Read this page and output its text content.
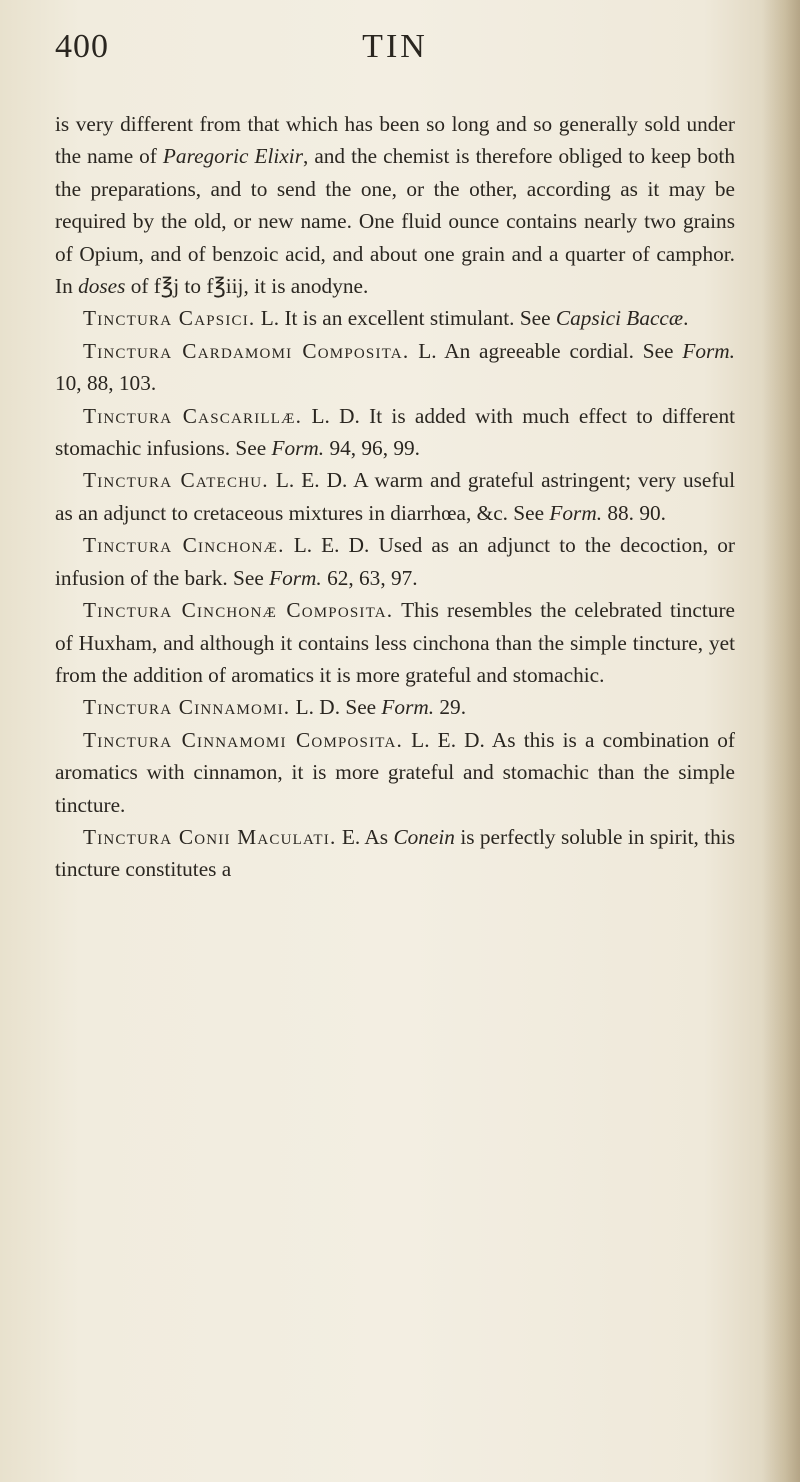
400	TIN

is very different from that which has been so long and so generally sold under the name of Paregoric Elixir, and the chemist is therefore obliged to keep both the preparations, and to send the one, or the other, according as it may be required by the old, or new name. One fluid ounce contains nearly two grains of Opium, and of benzoic acid, and about one grain and a quarter of camphor. In doses of f℥j to f℥iij, it is anodyne.

Tinctura Capsici. L. It is an excellent stimulant. See Capsici Baccæ.

Tinctura Cardamomi Composita. L. An agreeable cordial. See Form. 10, 88, 103.

Tinctura Cascarillæ. L. D. It is added with much effect to different stomachic infusions. See Form. 94, 96, 99.

Tinctura Catechu. L. E. D. A warm and grateful astringent; very useful as an adjunct to cretaceous mixtures in diarrhœa, &c. See Form. 88. 90.

Tinctura Cinchonæ. L. E. D. Used as an adjunct to the decoction, or infusion of the bark. See Form. 62, 63, 97.

Tinctura Cinchonæ Composita. This resembles the celebrated tincture of Huxham, and although it contains less cinchona than the simple tincture, yet from the addition of aromatics it is more grateful and stomachic.

Tinctura Cinnamomi. L. D. See Form. 29.

Tinctura Cinnamomi Composita. L. E. D. As this is a combination of aromatics with cinnamon, it is more grateful and stomachic than the simple tincture.

Tinctura Conii Maculati. E. As Conein is perfectly soluble in spirit, this tincture constitutes a
